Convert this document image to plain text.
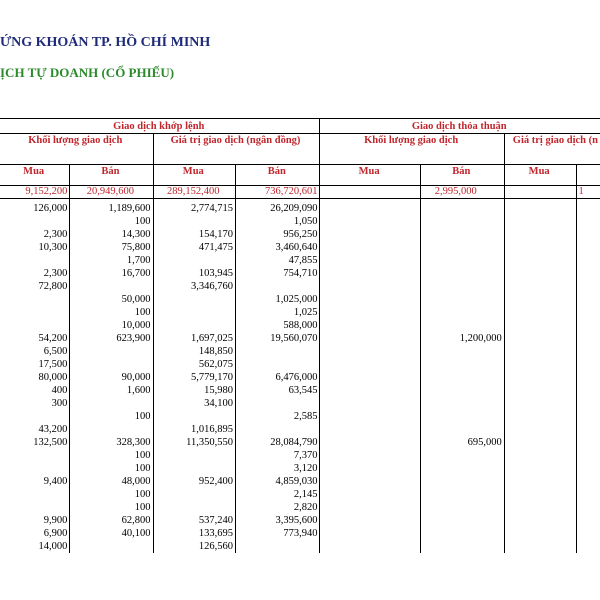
ỨNG KHOÁN TP. HỒ CHÍ MINH
ỊCH TỰ DOANH (CỔ PHIẾU)
Giao dịch khớp lệnh				Giao dịch thỏa thuận			
Khối lượng giao dịch		Giá trị giao dịch (ngân đồng)		Khối lượng giao dịch		Giá trị giao dịch (n	
Mua	Bán	Mua	Bán	Mua	Bán	Mua	
9,152,200	20,949,600	289,152,400	736,720,601		2,995,000		1

126,000	1,189,600	2,774,715	26,209,090				
	100		1,050				
2,300	14,300	154,170	956,250				
10,300	75,800	471,475	3,460,640				
	1,700		47,855				
2,300	16,700	103,945	754,710				
72,800		3,346,760					
	50,000		1,025,000				
	100		1,025				
	10,000		588,000				
54,200	623,900	1,697,025	19,560,070		1,200,000		
6,500		148,850					
17,500		562,075					
80,000	90,000	5,779,170	6,476,000				
400	1,600	15,980	63,545				
300		34,100					
	100		2,585				
43,200		1,016,895					
132,500	328,300	11,350,550	28,084,790		695,000		
	100		7,370				
	100		3,120				
9,400	48,000	952,400	4,859,030				
	100		2,145				
	100		2,820				
9,900	62,800	537,240	3,395,600				
6,900	40,100	133,695	773,940				
14,000		126,560					
